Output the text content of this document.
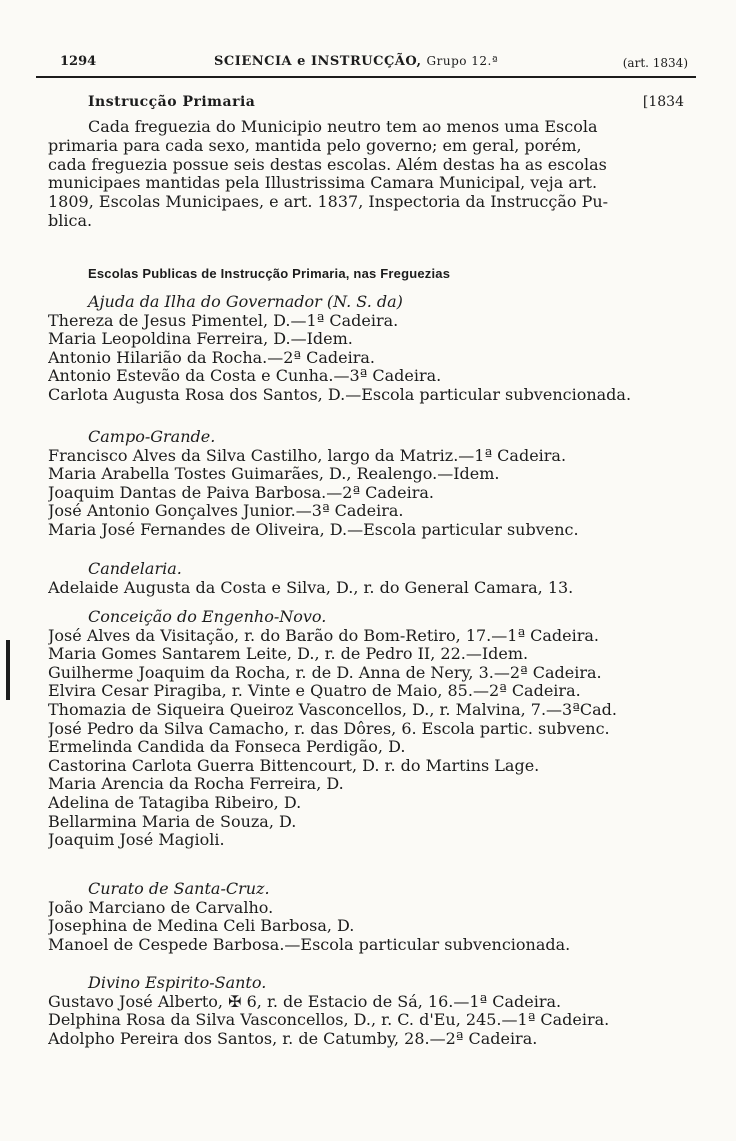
1294	SCIENCIA e INSTRUCÇÃO, Grupo 12.ª	(art. 1834)
Instrucção Primaria	[1834
Cada freguezia do Municipio neutro tem ao menos uma Escola
primaria para cada sexo, mantida pelo governo; em geral, porém,
cada freguezia possue seis destas escolas. Além destas ha as escolas
municipaes mantidas pela Illustrissima Camara Municipal, veja art.
1809, Escolas Municipaes, e art. 1837, Inspectoria da Instrucção Pu-
blica.
Escolas Publicas de Instrucção Primaria, nas Freguezias
Ajuda da Ilha do Governador (N. S. da)
Thereza de Jesus Pimentel, D.—1ª Cadeira.
Maria Leopoldina Ferreira, D.—Idem.
Antonio Hilarião da Rocha.—2ª Cadeira.
Antonio Estevão da Costa e Cunha.—3ª Cadeira.
Carlota Augusta Rosa dos Santos, D.—Escola particular subvencionada.
Campo-Grande.
Francisco Alves da Silva Castilho, largo da Matriz.—1ª Cadeira.
Maria Arabella Tostes Guimarães, D., Realengo.—Idem.
Joaquim Dantas de Paiva Barbosa.—2ª Cadeira.
José Antonio Gonçalves Junior.—3ª Cadeira.
Maria José Fernandes de Oliveira, D.—Escola particular subvenc.
Candelaria.
Adelaide Augusta da Costa e Silva, D., r. do General Camara, 13.
Conceição do Engenho-Novo.
José Alves da Visitação, r. do Barão do Bom-Retiro, 17.—1ª Cadeira.
Maria Gomes Santarem Leite, D., r. de Pedro II, 22.—Idem.
Guilherme Joaquim da Rocha, r. de D. Anna de Nery, 3.—2ª Cadeira.
Elvira Cesar Piragiba, r. Vinte e Quatro de Maio, 85.—2ª Cadeira.
Thomazia de Siqueira Queiroz Vasconcellos, D., r. Malvina, 7.—3ªCad.
José Pedro da Silva Camacho, r. das Dôres, 6. Escola partic. subvenc.
Ermelinda Candida da Fonseca Perdigão, D.
Castorina Carlota Guerra Bittencourt, D. r. do Martins Lage.
Maria Arencia da Rocha Ferreira, D.
Adelina de Tatagiba Ribeiro, D.
Bellarmina Maria de Souza, D.
Joaquim José Magioli.
Curato de Santa-Cruz.
João Marciano de Carvalho.
Josephina de Medina Celi Barbosa, D.
Manoel de Cespede Barbosa.—Escola particular subvencionada.
Divino Espirito-Santo.
Gustavo José Alberto, ✠ 6, r. de Estacio de Sá, 16.—1ª Cadeira.
Delphina Rosa da Silva Vasconcellos, D., r. C. d'Eu, 245.—1ª Cadeira.
Adolpho Pereira dos Santos, r. de Catumby, 28.—2ª Cadeira.
